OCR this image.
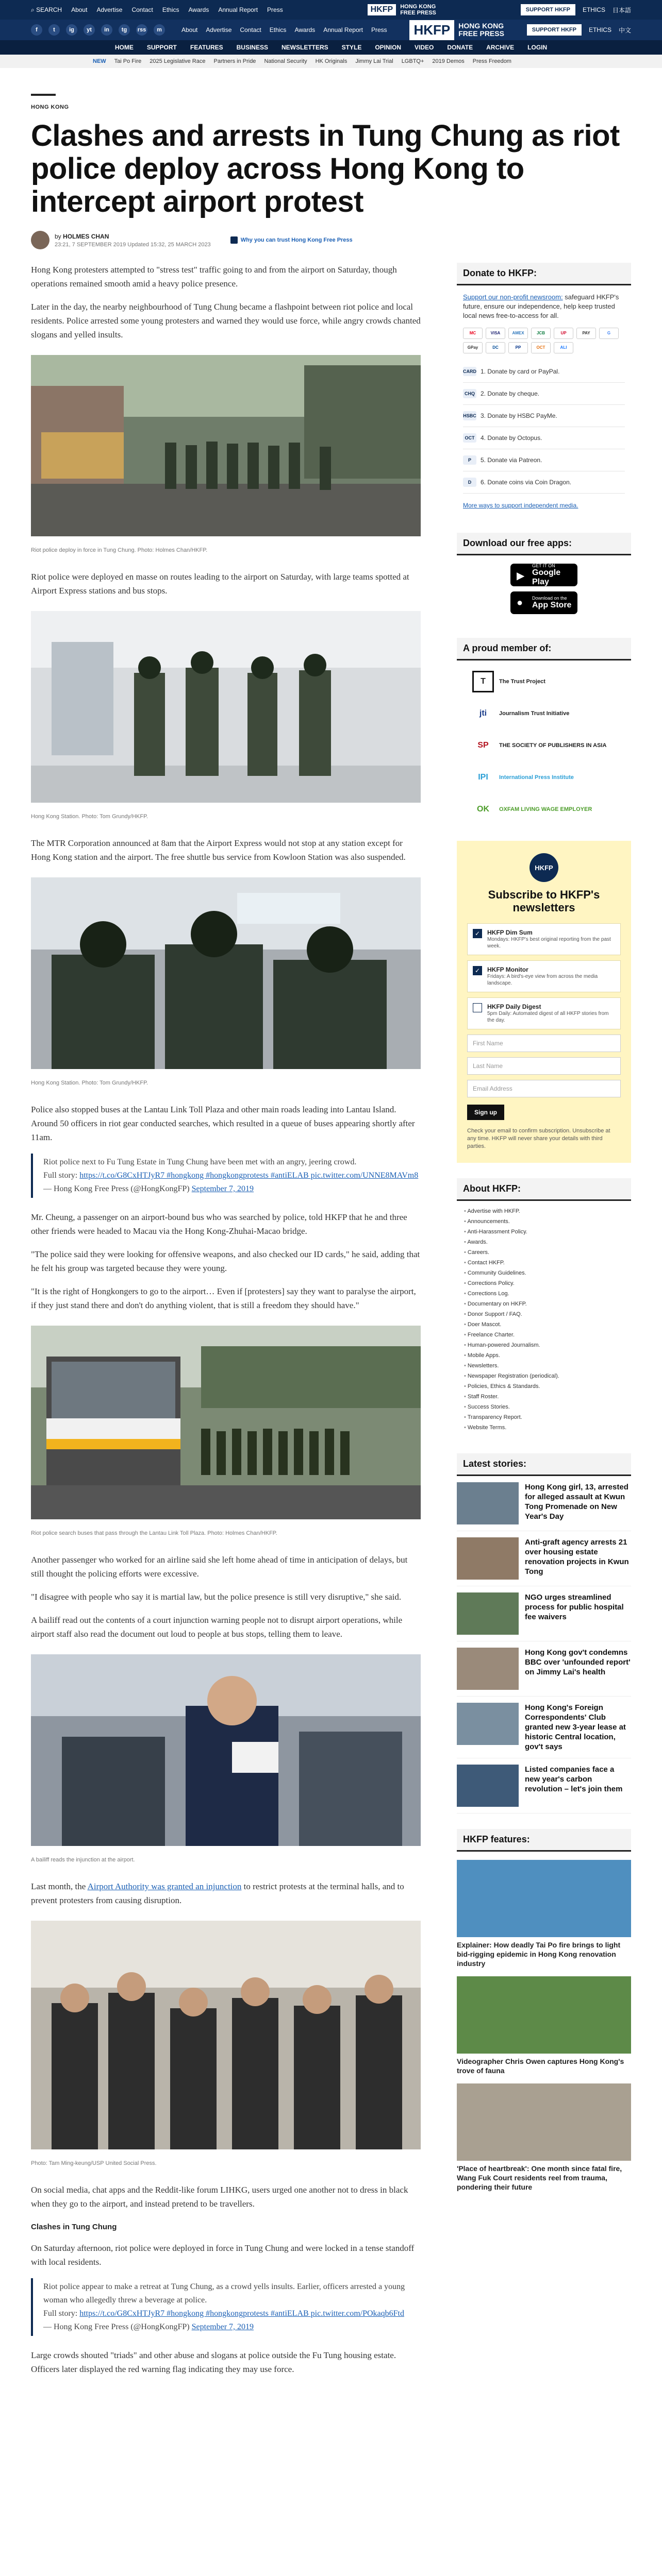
⌕ SEARCH About Advertise Contact Ethics Awards Annual Report Press	HKFP	HONG KONG
FREE PRESS	SUPPORT HKFP	ETHICS 日本語
f	t	ig	yt	in	tg	rss	m	About Advertise Contact Ethics Awards Annual Report Press	HKFP	HONG KONG
FREE PRESS	SUPPORT HKFP	ETHICS 中文
HOME SUPPORT FEATURES BUSINESS NEWSLETTERS STYLE OPINION VIDEO DONATE ARCHIVE LOGIN
NEW Tai Po Fire 2025 Legislative Race Partners in Pride National Security HK Originals Jimmy Lai Trial LGBTQ+ 2019 Demos Press Freedom
HONG KONG
Clashes and arrests in Tung Chung as riot police deploy across Hong Kong to intercept airport protest
by HOLMES CHAN
23:21, 7 SEPTEMBER 2019 Updated 15:32, 25 MARCH 2023
Why you can trust Hong Kong Free Press

Hong Kong protesters attempted to "stress test" traffic going to and from the airport on Saturday, though operations remained smooth amid a heavy police presence.

Later in the day, the nearby neighbourhood of Tung Chung became a flashpoint between riot police and local residents. Police arrested some young protesters and warned they would use force, while angry crowds chanted slogans and yelled insults.

Riot police deploy in force in Tung Chung. Photo: Holmes Chan/HKFP.

Riot police were deployed en masse on routes leading to the airport on Saturday, with large teams spotted at Airport Express stations and bus stops.

Hong Kong Station. Photo: Tom Grundy/HKFP.

The MTR Corporation announced at 8am that the Airport Express would not stop at any station except for Hong Kong station and the airport. The free shuttle bus service from Kowloon Station was also suspended.

Hong Kong Station. Photo: Tom Grundy/HKFP.

Police also stopped buses at the Lantau Link Toll Plaza and other main roads leading into Lantau Island. Around 50 officers in riot gear conducted searches, which resulted in a queue of buses appearing shortly after 11am.

Riot police next to Fu Tung Estate in Tung Chung have been met with an angry, jeering crowd.
Full story: https://t.co/G8CxHTJyR7 #hongkong #hongkongprotests #antiELAB pic.twitter.com/UNNE8MAVm8
— Hong Kong Free Press (@HongKongFP) September 7, 2019

Mr. Cheung, a passenger on an airport-bound bus who was searched by police, told HKFP that he and three other friends were headed to Macau via the Hong Kong-Zhuhai-Macao bridge.

"The police said they were looking for offensive weapons, and also checked our ID cards," he said, adding that he felt his group was targeted because they were young.

"It is the right of Hongkongers to go to the airport… Even if [protesters] say they want to paralyse the airport, if they just stand there and don't do anything violent, that is still a freedom they should have."

Riot police search buses that pass through the Lantau Link Toll Plaza. Photo: Holmes Chan/HKFP.

Another passenger who worked for an airline said she left home ahead of time in anticipation of delays, but still thought the policing efforts were excessive.

"I disagree with people who say it is martial law, but the police presence is still very disruptive," she said.

A bailiff read out the contents of a court injunction warning people not to disrupt airport operations, while airport staff also read the document out loud to people at bus stops, telling them to leave.

A bailiff reads the injunction at the airport.

Last month, the Airport Authority was granted an injunction to restrict protests at the terminal halls, and to prevent protesters from causing disruption.

Photo: Tam Ming-keung/USP United Social Press.

On social media, chat apps and the Reddit-like forum LIHKG, users urged one another not to dress in black when they go to the airport, and instead pretend to be travellers.

Clashes in Tung Chung

On Saturday afternoon, riot police were deployed in force in Tung Chung and were locked in a tense standoff with local residents.

Riot police appear to make a retreat at Tung Chung, as a crowd yells insults. Earlier, officers arrested a young woman who allegedly threw a beverage at police.
Full story: https://t.co/G8CxHTJyR7 #hongkong #hongkongprotests #antiELAB pic.twitter.com/POkaqb6Ftd
— Hong Kong Free Press (@HongKongFP) September 7, 2019

Large crowds shouted "triads" and other abuse and slogans at police outside the Fu Tung housing estate. Officers later displayed the red warning flag indicating they may use force.

Donate to HKFP:
Support our non-profit newsroom: safeguard HKFP's future, ensure our independence, help keep trusted local news free-to-access for all.
MC	VISA	AMEX	JCB	UP	PAY	G
GPay	DC	PP	OCT	ALI
CARD 1. Donate by card or PayPal.
CHQ 2. Donate by cheque.
HSBC 3. Donate by HSBC PayMe.
OCT 4. Donate by Octopus.
P	5. Donate via Patreon.
D	6. Donate coins via Coin Dragon.
More ways to support independent media.
Download our free apps:
▶
GET IT ON
Google Play
● Download on the
App Store
A proud member of:
T	The Trust Project
jti	Journalism Trust Initiative
SP	THE SOCIETY OF PUBLISHERS IN ASIA
IPI	International Press Institute
OK	OXFAM LIVING WAGE EMPLOYER
HKFP
Subscribe to HKFP's newsletters
✓	HKFP Dim Sum
Mondays: HKFP's best original reporting from the past week.
✓	HKFP Monitor
Fridays: A bird's-eye view from across the media landscape.
HKFP Daily Digest
5pm Daily: Automated digest of all HKFP stories from the day.
First Name
Last Name
Email Address
Sign up
Check your email to confirm subscription. Unsubscribe at any time. HKFP will never share your details with third parties.
About HKFP:
• Advertise with HKFP.
• Announcements.
• Anti-Harassment Policy.
• Awards.
• Careers.
• Contact HKFP.
• Community Guidelines.
• Corrections Policy.
• Corrections Log.
• Documentary on HKFP.
• Donor Support / FAQ.
• Doer Mascot.
• Freelance Charter.
• Human-powered Journalism.
• Mobile Apps.
• Newsletters.
• Newspaper Registration (periodical).
• Policies, Ethics & Standards.
• Staff Roster.
• Success Stories.
• Transparency Report.
• Website Terms.
Latest stories:
Hong Kong girl, 13, arrested for alleged assault at Kwun Tong Promenade on New Year's Day
Anti-graft agency arrests 21 over housing estate renovation projects in Kwun Tong
NGO urges streamlined process for public hospital fee waivers
Hong Kong gov't condemns BBC over 'unfounded report' on Jimmy Lai's health
Hong Kong's Foreign Correspondents' Club granted new 3-year lease at historic Central location, gov't says
Listed companies face a new year's carbon revolution – let's join them
HKFP features:
Explainer: How deadly Tai Po fire brings to light bid-rigging epidemic in Hong Kong renovation industry
Videographer Chris Owen captures Hong Kong's trove of fauna
'Place of heartbreak': One month since fatal fire, Wang Fuk Court residents reel from trauma, pondering their future
